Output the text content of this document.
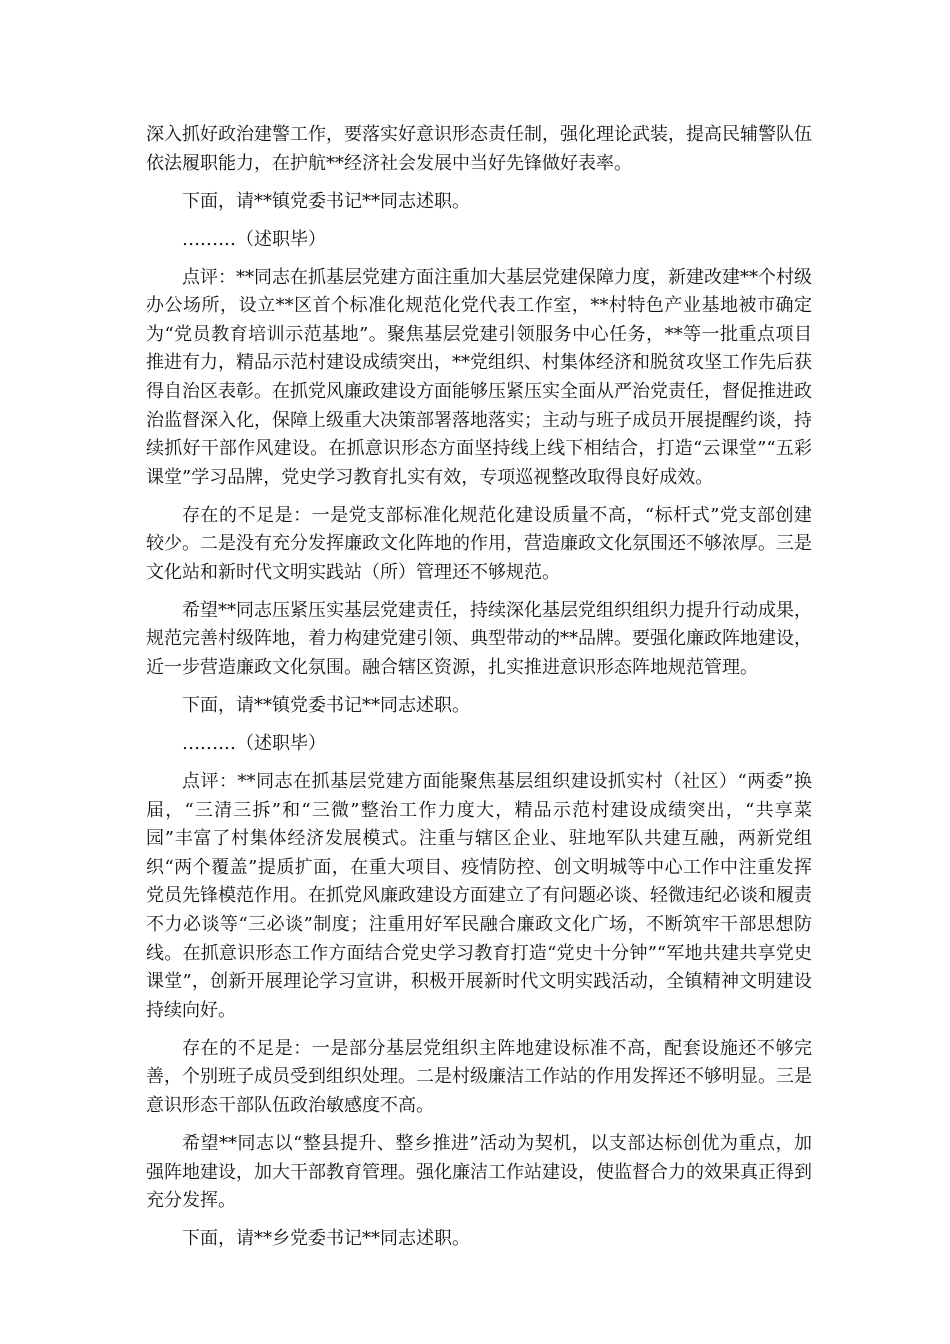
深入抓好政治建警工作，要落实好意识形态责任制，强化理论武装，提高民辅警队伍依法履职能力，在护航**经济社会发展中当好先锋做好表率。

下面，请**镇党委书记**同志述职。

………（述职毕）

点评：**同志在抓基层党建方面注重加大基层党建保障力度，新建改建**个村级办公场所，设立**区首个标准化规范化党代表工作室，**村特色产业基地被市确定为“党员教育培训示范基地”。聚焦基层党建引领服务中心任务，**等一批重点项目推进有力，精品示范村建设成绩突出，**党组织、村集体经济和脱贫攻坚工作先后获得自治区表彰。在抓党风廉政建设方面能够压紧压实全面从严治党责任，督促推进政治监督深入化，保障上级重大决策部署落地落实；主动与班子成员开展提醒约谈，持续抓好干部作风建设。在抓意识形态方面坚持线上线下相结合，打造“云课堂”“五彩课堂”学习品牌，党史学习教育扎实有效，专项巡视整改取得良好成效。

存在的不足是：一是党支部标准化规范化建设质量不高，“标杆式”党支部创建较少。二是没有充分发挥廉政文化阵地的作用，营造廉政文化氛围还不够浓厚。三是文化站和新时代文明实践站（所）管理还不够规范。

希望**同志压紧压实基层党建责任，持续深化基层党组织组织力提升行动成果，规范完善村级阵地，着力构建党建引领、典型带动的**品牌。要强化廉政阵地建设，近一步营造廉政文化氛围。融合辖区资源，扎实推进意识形态阵地规范管理。

下面，请**镇党委书记**同志述职。

………（述职毕）

点评：**同志在抓基层党建方面能聚焦基层组织建设抓实村（社区）“两委”换届，“三清三拆”和“三微”整治工作力度大，精品示范村建设成绩突出，“共享菜园”丰富了村集体经济发展模式。注重与辖区企业、驻地军队共建互融，两新党组织“两个覆盖”提质扩面，在重大项目、疫情防控、创文明城等中心工作中注重发挥党员先锋模范作用。在抓党风廉政建设方面建立了有问题必谈、轻微违纪必谈和履责不力必谈等“三必谈”制度；注重用好军民融合廉政文化广场，不断筑牢干部思想防线。在抓意识形态工作方面结合党史学习教育打造“党史十分钟”“军地共建共享党史课堂”，创新开展理论学习宣讲，积极开展新时代文明实践活动，全镇精神文明建设持续向好。

存在的不足是：一是部分基层党组织主阵地建设标准不高，配套设施还不够完善，个别班子成员受到组织处理。二是村级廉洁工作站的作用发挥还不够明显。三是意识形态干部队伍政治敏感度不高。

希望**同志以“整县提升、整乡推进”活动为契机，以支部达标创优为重点，加强阵地建设，加大干部教育管理。强化廉洁工作站建设，使监督合力的效果真正得到充分发挥。

下面，请**乡党委书记**同志述职。
